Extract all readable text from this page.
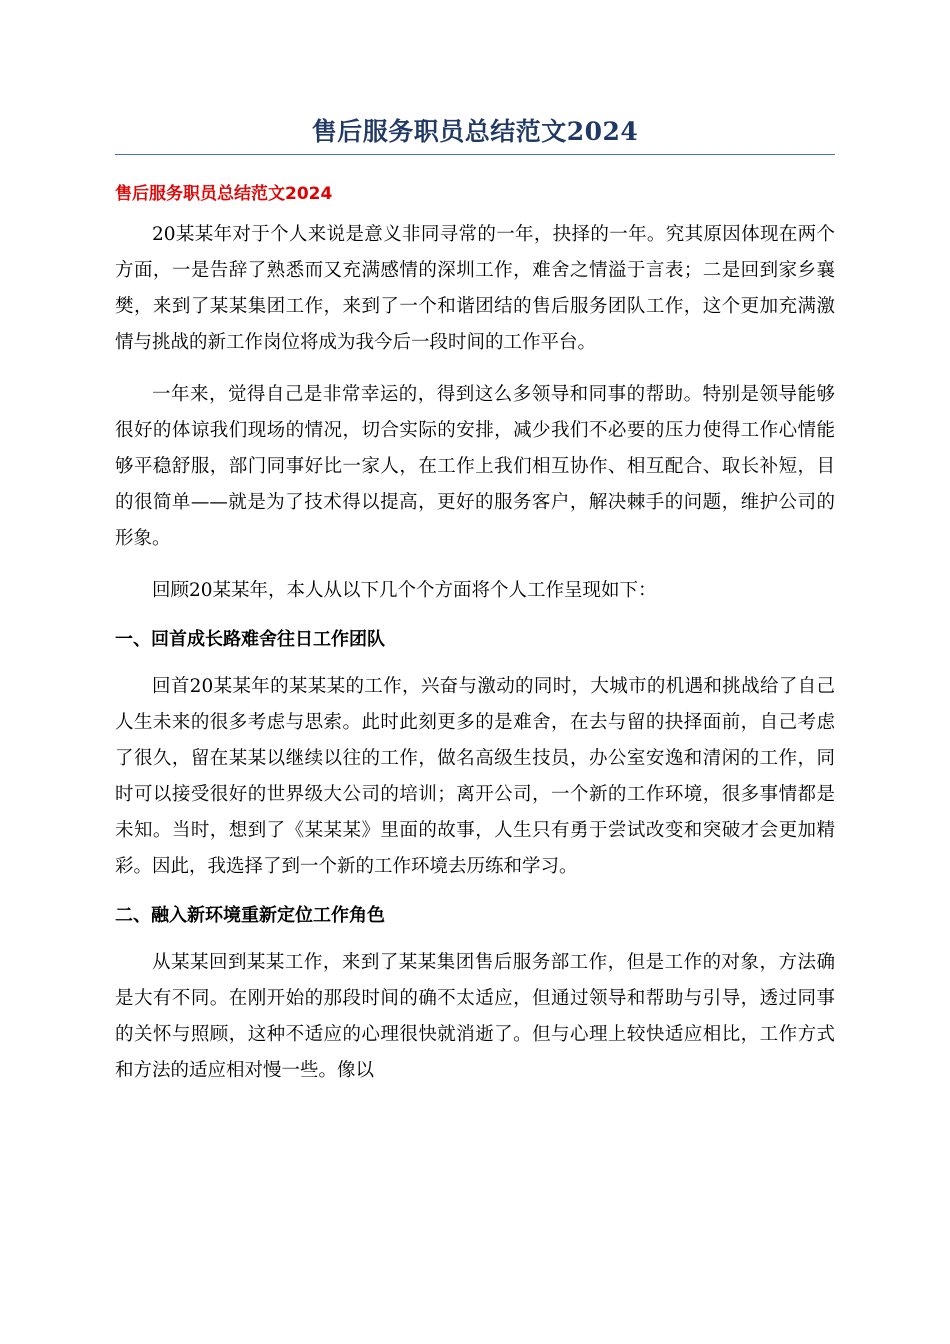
售后服务职员总结范文2024
售后服务职员总结范文2024

20某某年对于个人来说是意义非同寻常的一年，抉择的一年。究其原因体现在两个方面，一是告辞了熟悉而又充满感情的深圳工作，难舍之情溢于言表；二是回到家乡襄樊，来到了某某集团工作，来到了一个和谐团结的售后服务团队工作，这个更加充满激情与挑战的新工作岗位将成为我今后一段时间的工作平台。

一年来，觉得自己是非常幸运的，得到这么多领导和同事的帮助。特别是领导能够很好的体谅我们现场的情况，切合实际的安排，减少我们不必要的压力使得工作心情能够平稳舒服，部门同事好比一家人，在工作上我们相互协作、相互配合、取长补短，目的很简单——就是为了技术得以提高，更好的服务客户，解决棘手的问题，维护公司的形象。

回顾20某某年，本人从以下几个个方面将个人工作呈现如下：

一、回首成长路难舍往日工作团队

回首20某某年的某某某的工作，兴奋与激动的同时，大城市的机遇和挑战给了自己人生未来的很多考虑与思索。此时此刻更多的是难舍，在去与留的抉择面前，自己考虑了很久，留在某某以继续以往的工作，做名高级生技员，办公室安逸和清闲的工作，同时可以接受很好的世界级大公司的培训；离开公司，一个新的工作环境，很多事情都是未知。当时，想到了《某某某》里面的故事，人生只有勇于尝试改变和突破才会更加精彩。因此，我选择了到一个新的工作环境去历练和学习。

二、融入新环境重新定位工作角色

从某某回到某某工作，来到了某某集团售后服务部工作，但是工作的对象，方法确是大有不同。在刚开始的那段时间的确不太适应，但通过领导和帮助与引导，透过同事的关怀与照顾，这种不适应的心理很快就消逝了。但与心理上较快适应相比，工作方式和方法的适应相对慢一些。像以
